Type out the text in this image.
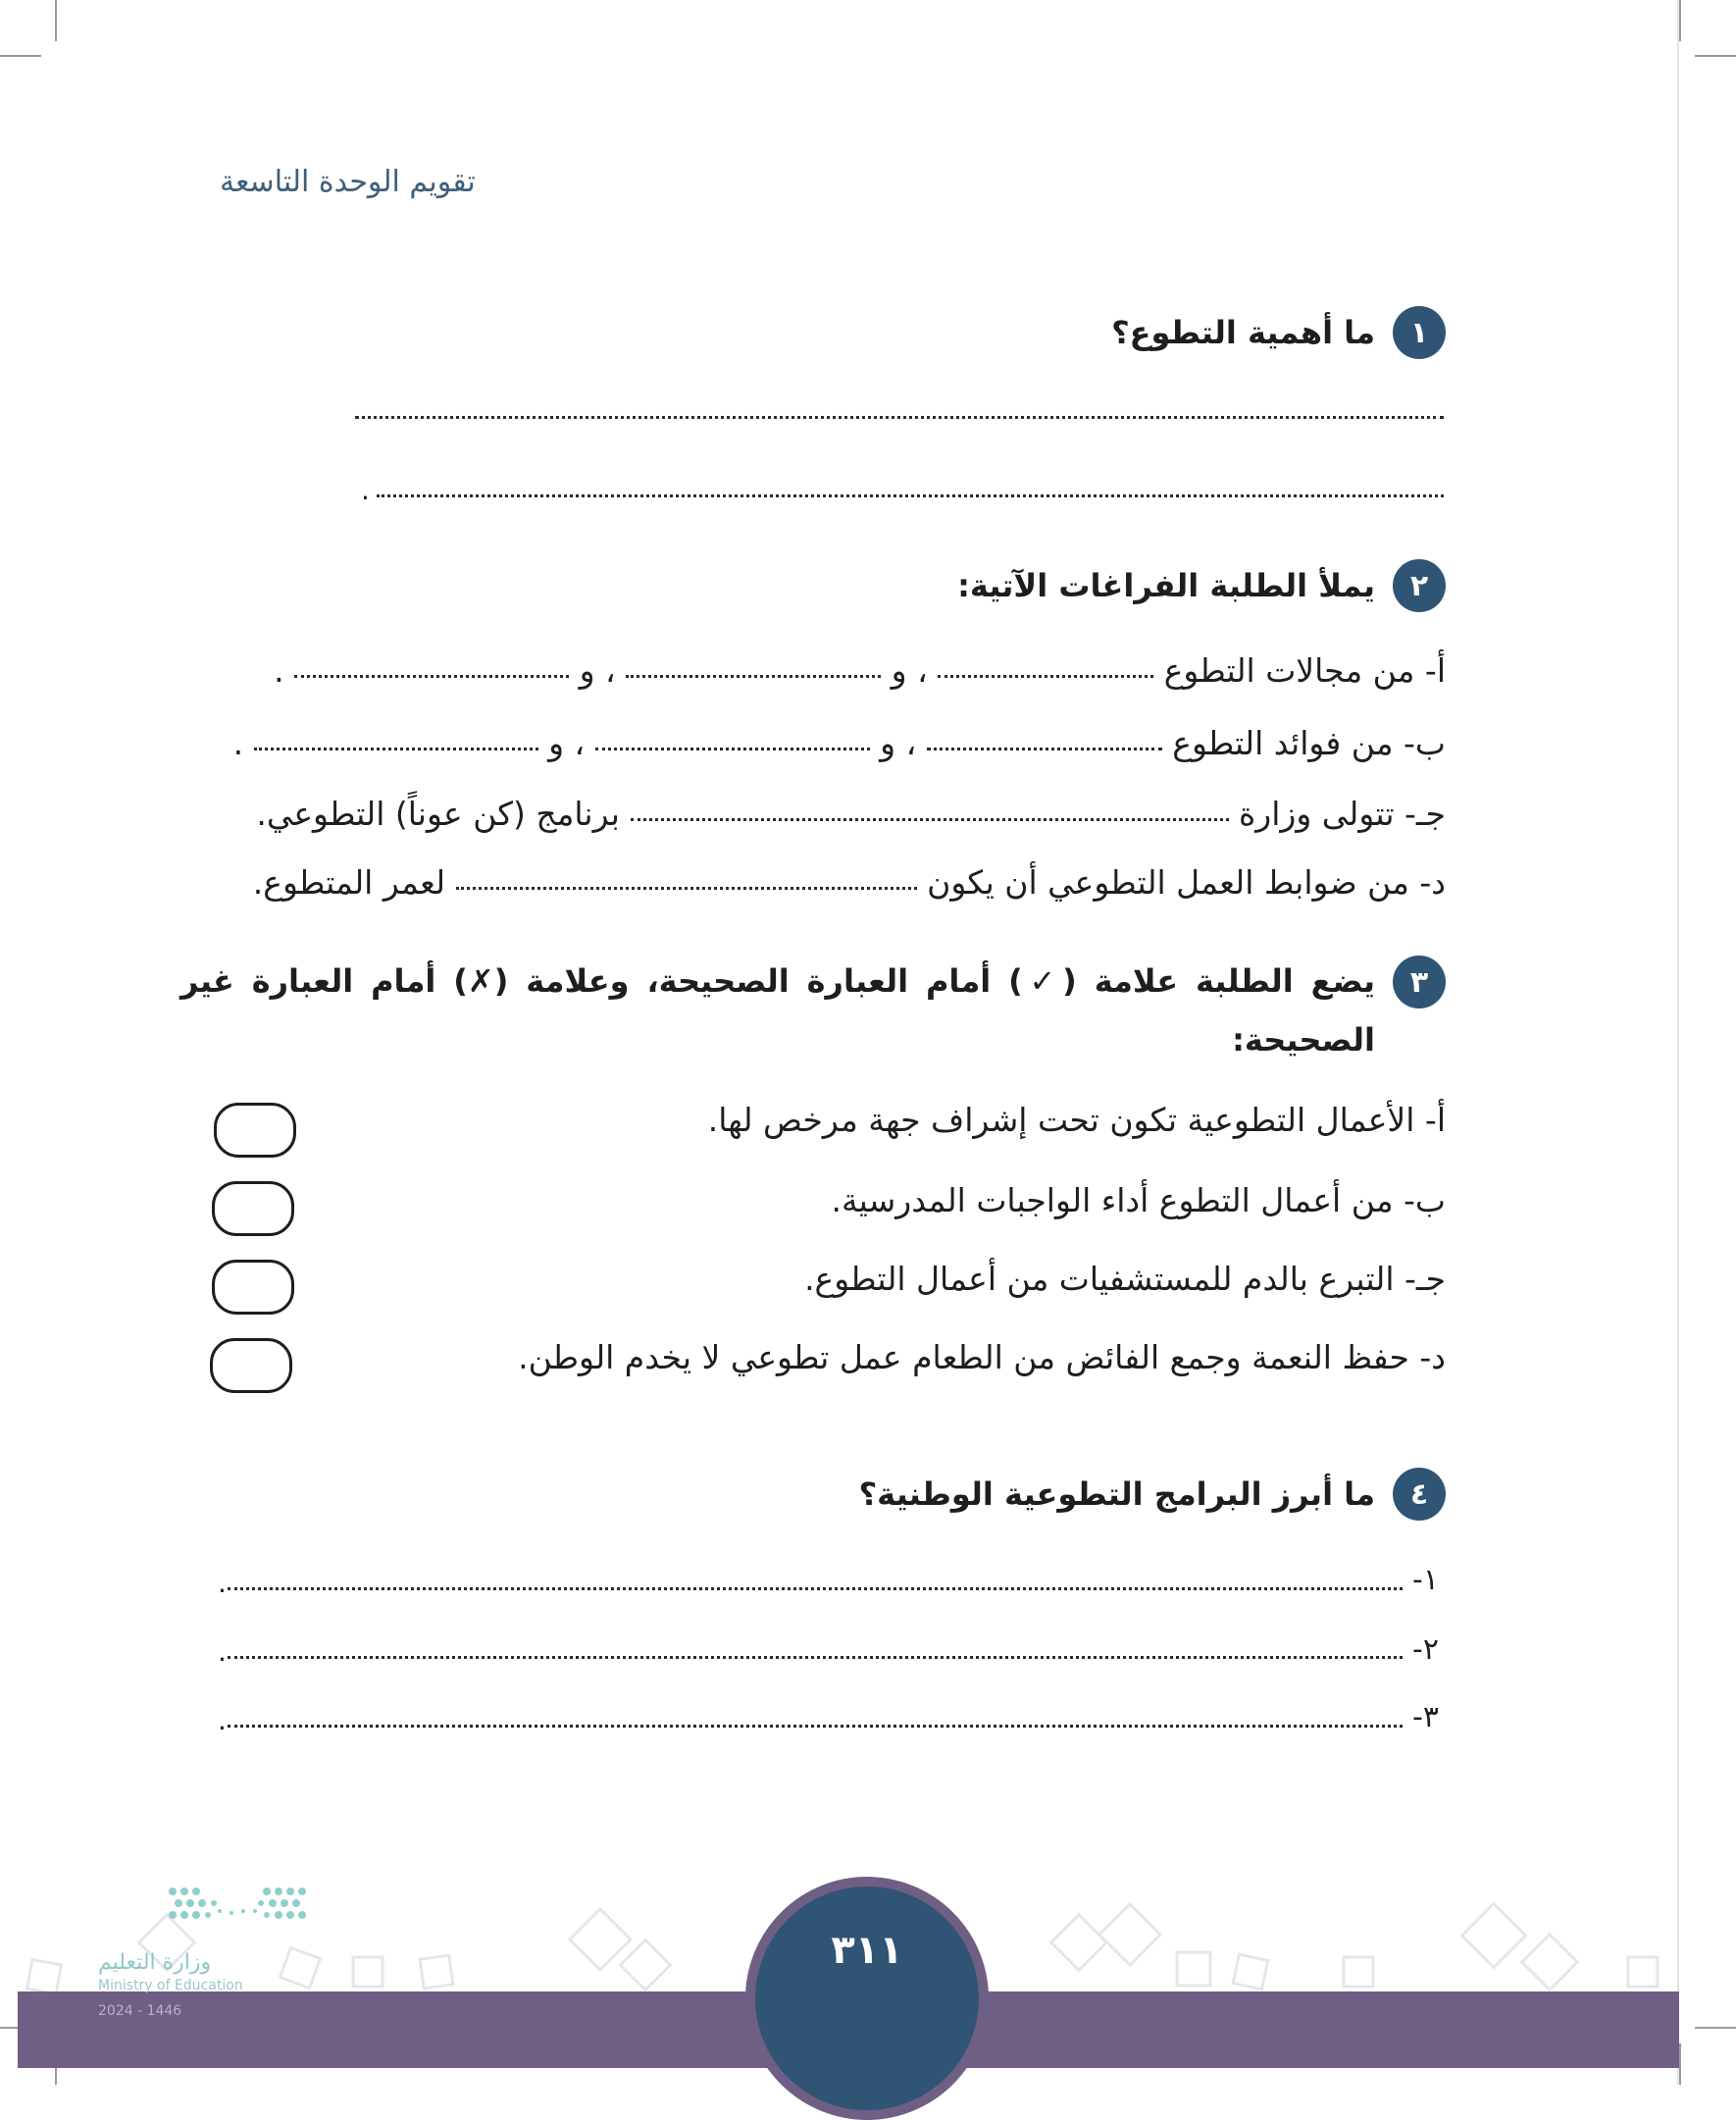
تقويم الوحدة التاسعة
١
ما أهمية التطوع؟
.
٢
يملأ الطلبة الفراغات الآتية:
أ- من مجالات التطوع  ، و  ، و  .
ب- من فوائد التطوع  ، و  ، و  .
جـ- تتولى وزارة  برنامج (كن عوناً) التطوعي.
د- من ضوابط العمل التطوعي أن يكون  لعمر المتطوع.
٣
يضع الطلبة علامة (✓) أمام العبارة الصحيحة، وعلامة (✗) أمام العبارة غير الصحيحة:
أ- الأعمال التطوعية تكون تحت إشراف جهة مرخص لها.
ب- من أعمال التطوع أداء الواجبات المدرسية.
جـ- التبرع بالدم للمستشفيات من أعمال التطوع.
د- حفظ النعمة وجمع الفائض من الطعام عمل تطوعي لا يخدم الوطن.
٤
ما أبرز البرامج التطوعية الوطنية؟
١-
.
٢-
.
٣-
.
٣١١
وزارة التعليم
Ministry of Education
2024 - 1446
